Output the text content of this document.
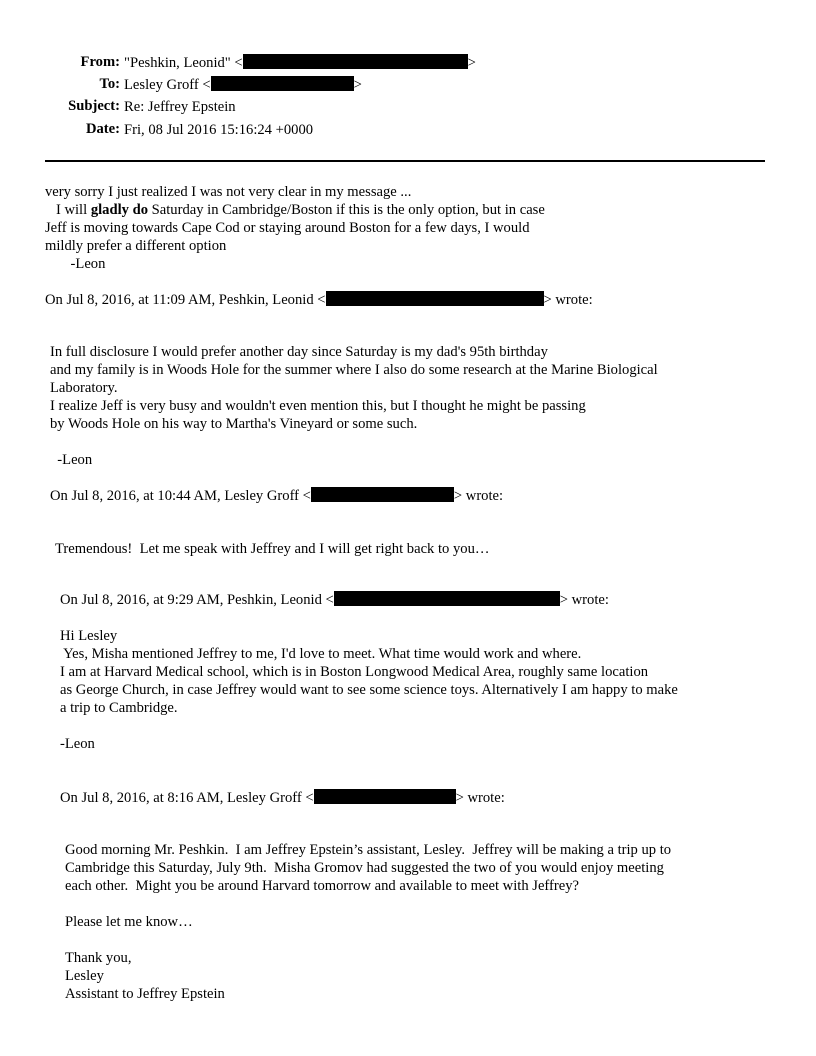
From: "Peshkin, Leonid" <	>
To: Lesley Groff <	>
Subject: Re: Jeffrey Epstein
Date: Fri, 08 Jul 2016 15:16:24 +0000
very sorry I just realized I was not very clear in my message ...
I will gladly do Saturday in Cambridge/Boston if this is the only option, but in case
Jeff is moving towards Cape Cod or staying around Boston for a few days, I would
mildly prefer a different option
-Leon
On Jul 8, 2016, at 11:09 AM, Peshkin, Leonid <	> wrote:
In full disclosure I would prefer another day since Saturday is my dad's 95th birthday
and my family is in Woods Hole for the summer where I also do some research at the Marine Biological
Laboratory.
I realize Jeff is very busy and wouldn't even mention this, but I thought he might be passing
by Woods Hole on his way to Martha's Vineyard or some such.
-Leon
On Jul 8, 2016, at 10:44 AM, Lesley Groff <	> wrote:
Tremendous!  Let me speak with Jeffrey and I will get right back to you…
On Jul 8, 2016, at 9:29 AM, Peshkin, Leonid <	> wrote:
Hi Lesley
Yes, Misha mentioned Jeffrey to me, I'd love to meet. What time would work and where.
I am at Harvard Medical school, which is in Boston Longwood Medical Area, roughly same location
as George Church, in case Jeffrey would want to see some science toys. Alternatively I am happy to make
a trip to Cambridge.
-Leon
On Jul 8, 2016, at 8:16 AM, Lesley Groff <	> wrote:
Good morning Mr. Peshkin.  I am Jeffrey Epstein’s assistant, Lesley.  Jeffrey will be making a trip up to
Cambridge this Saturday, July 9th.  Misha Gromov had suggested the two of you would enjoy meeting
each other.  Might you be around Harvard tomorrow and available to meet with Jeffrey?
Please let me know…
Thank you,
Lesley
Assistant to Jeffrey Epstein
